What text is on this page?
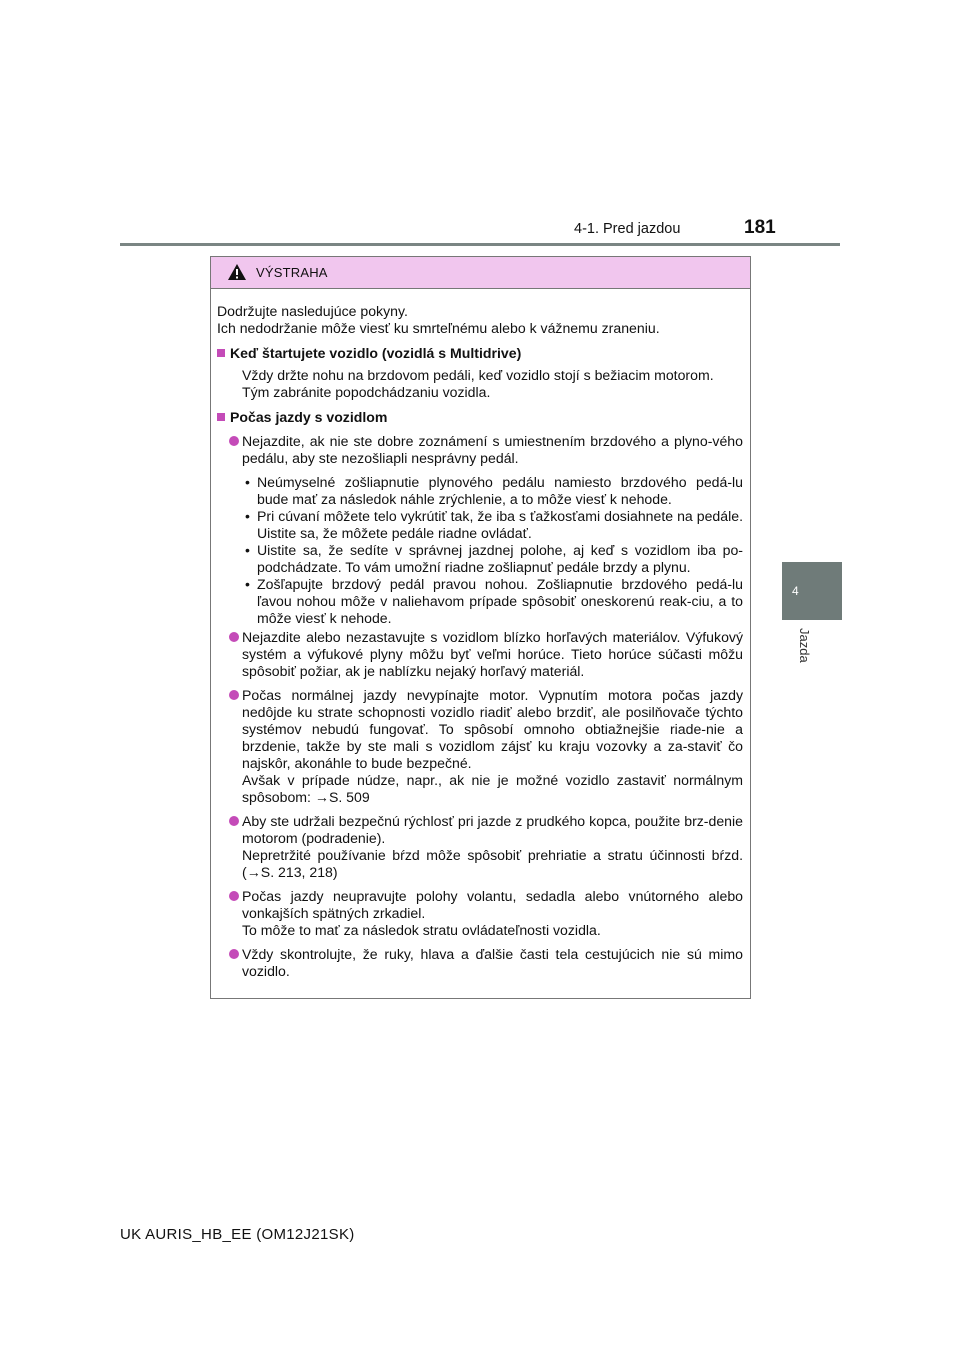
4-1. Pred jazdou	181
4
Jazda
VÝSTRAHA

Dodržujte nasledujúce pokyny.

Ich nedodržanie môže viesť ku smrteľnému alebo k vážnemu zraneniu.

Keď štartujete vozidlo (vozidlá s Multidrive)
Vždy držte nohu na brzdovom pedáli, keď vozidlo stojí s bežiacim motorom. Tým zabránite popodchádzaniu vozidla.
Počas jazdy s vozidlom
Nejazdite, ak nie ste dobre zoznámení s umiestnením brzdového a plyno-vého pedálu, aby ste nezošliapli nesprávny pedál.
• Neúmyselné zošliapnutie plynového pedálu namiesto brzdového pedá-lu bude mať za následok náhle zrýchlenie, a to môže viesť k nehode.
• Pri cúvaní môžete telo vykrútiť tak, že iba s ťažkosťami dosiahnete na pedále. Uistite sa, že môžete pedále riadne ovládať.
• Uistite sa, že sedíte v správnej jazdnej polohe, aj keď s vozidlom iba po-podchádzate. To vám umožní riadne zošliapnuť pedále brzdy a plynu.
• Zošľapujte brzdový pedál pravou nohou. Zošliapnutie brzdového pedá-lu ľavou nohou môže v naliehavom prípade spôsobiť oneskorenú reak-ciu, a to môže viesť k nehode.
Nejazdite alebo nezastavujte s vozidlom blízko horľavých materiálov. Výfukový systém a výfukové plyny môžu byť veľmi horúce. Tieto horúce súčasti môžu spôsobiť požiar, ak je nablízku nejaký horľavý materiál.
Počas normálnej jazdy nevypínajte motor. Vypnutím motora počas jazdy nedôjde ku strate schopnosti vozidlo riadiť alebo brzdiť, ale posilňovače týchto systémov nebudú fungovať. To spôsobí omnoho obtiažnejšie riade-nie a brzdenie, takže by ste mali s vozidlom zájsť ku kraju vozovky a za-staviť čo najskôr, akonáhle to bude bezpečné.
Avšak v prípade núdze, napr., ak nie je možné vozidlo zastaviť normálnym spôsobom: →S. 509
Aby ste udržali bezpečnú rýchlosť pri jazde z prudkého kopca, použite brz-denie motorom (podradenie).
Nepretržité používanie bŕzd môže spôsobiť prehriatie a stratu účinnosti bŕzd. (→S. 213, 218)
Počas jazdy neupravujte polohy volantu, sedadla alebo vnútorného alebo vonkajších spätných zrkadiel.
To môže to mať za následok stratu ovládateľnosti vozidla.
Vždy skontrolujte, že ruky, hlava a ďalšie časti tela cestujúcich nie sú mimo vozidlo.
UK AURIS_HB_EE (OM12J21SK)
